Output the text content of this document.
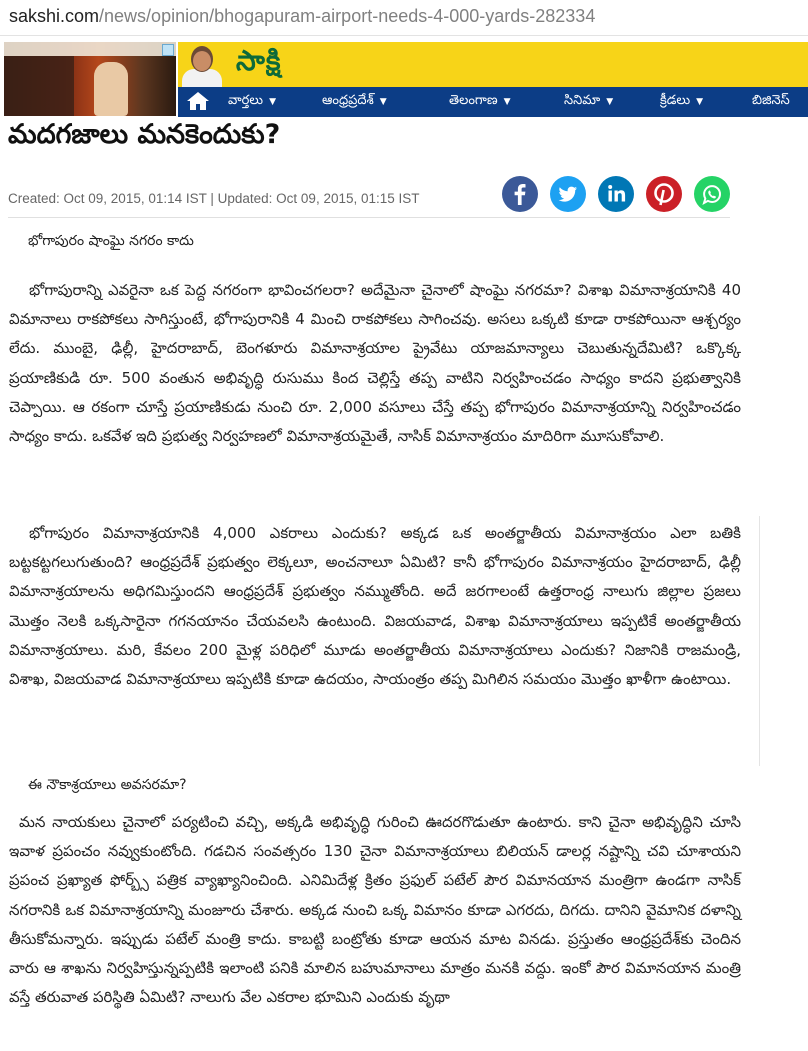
sakshi.com/news/opinion/bhogapuram-airport-needs-4-000-yards-282334
సాక్షి
వార్తలు ▼	ఆంధ్రప్రదేశ్ ▼	తెలంగాణ ▼	సినిమా ▼	క్రీడలు ▼	బిజినెస్
మదగజాలు మనకెందుకు?
Created: Oct 09, 2015, 01:14 IST | Updated: Oct 09, 2015, 01:15 IST
భోగాపురం షాంఘై నగరం కాదు

భోగాపురాన్ని ఎవరైనా ఒక పెద్ద నగరంగా భావించగలరా? అదేమైనా చైనాలో షాంఘై నగరమా? విశాఖ విమానాశ్రయానికి 40 విమానాలు రాకపోకలు సాగిస్తుంటే, భోగాపురానికి 4 మించి రాకపోకలు సాగించవు. అసలు ఒక్కటి కూడా రాకపోయినా ఆశ్చర్యం లేదు. ముంబై, ఢిల్లీ, హైదరాబాద్, బెంగళూరు విమానాశ్రయాల ప్రైవేటు యాజమాన్యాలు చెబుతున్నదేమిటి? ఒక్కొక్క ప్రయాణికుడి రూ. 500 వంతున అభివృద్ధి రుసుము కింద చెల్లిస్తే తప్ప వాటిని నిర్వహించడం సాధ్యం కాదని ప్రభుత్వానికి చెప్పాయి. ఆ రకంగా చూస్తే ప్రయాణికుడు నుంచి రూ. 2,000 వసూలు చేస్తే తప్ప భోగాపురం విమానాశ్రయాన్ని నిర్వహించడం సాధ్యం కాదు. ఒకవేళ ఇది ప్రభుత్వ నిర్వహణలో విమానాశ్రయమైతే, నాసిక్ విమానాశ్రయం మాదిరిగా మూసుకోవాలి.

భోగాపురం విమానాశ్రయానికి 4,000 ఎకరాలు ఎందుకు? అక్కడ ఒక అంతర్జాతీయ విమానాశ్రయం ఎలా బతికి బట్టకట్టగలుగుతుంది? ఆంధ్రప్రదేశ్ ప్రభుత్వం లెక్కలూ, అంచనాలూ ఏమిటి? కానీ భోగాపురం విమానాశ్రయం హైదరాబాద్, ఢిల్లీ విమానాశ్రయాలను అధిగమిస్తుందని ఆంధ్రప్రదేశ్ ప్రభుత్వం నమ్ముతోంది. అదే జరగాలంటే ఉత్తరాంధ్ర నాలుగు జిల్లాల ప్రజలు మొత్తం నెలకి ఒక్కసారైనా గగనయానం చేయవలసి ఉంటుంది. విజయవాడ, విశాఖ విమానాశ్రయాలు ఇప్పటికే అంతర్జాతీయ విమానాశ్రయాలు. మరి, కేవలం 200 మైళ్ల పరిధిలో మూడు అంతర్జాతీయ విమానాశ్రయాలు ఎందుకు? నిజానికి రాజమండ్రి, విశాఖ, విజయవాడ విమానాశ్రయాలు ఇప్పటికి కూడా ఉదయం, సాయంత్రం తప్ప మిగిలిన సమయం మొత్తం ఖాళీగా ఉంటాయి.

ఈ నౌకాశ్రయాలు అవసరమా?

మన నాయకులు చైనాలో పర్యటించి వచ్చి, అక్కడి అభివృద్ధి గురించి ఊదరగొడుతూ ఉంటారు. కాని చైనా అభివృద్ధిని చూసి ఇవాళ ప్రపంచం నవ్వుకుంటోంది. గడచిన సంవత్సరం 130 చైనా విమానాశ్రయాలు బిలియన్ డాలర్ల నష్టాన్ని చవి చూశాయని ప్రపంచ ప్రఖ్యాత ఫోర్బ్స్ పత్రిక వ్యాఖ్యానించింది. ఎనిమిదేళ్ల క్రితం ప్రఫుల్ పటేల్ పౌర విమానయాన మంత్రిగా ఉండగా నాసిక్ నగరానికి ఒక విమానాశ్రయాన్ని మంజూరు చేశారు. అక్కడ నుంచి ఒక్క విమానం కూడా ఎగరదు, దిగదు. దానిని వైమానిక దళాన్ని తీసుకోమన్నారు. ఇప్పుడు పటేల్ మంత్రి కాదు. కాబట్టి బంట్రోతు కూడా ఆయన మాట వినడు. ప్రస్తుతం ఆంధ్రప్రదేశ్‌కు చెందిన వారు ఆ శాఖను నిర్వహిస్తున్నప్పటికి ఇలాంటి పనికి మాలిన బహుమానాలు మాత్రం మనకి వద్దు. ఇంకో పౌర విమానయాన మంత్రి వస్తే తరువాత పరిస్థితి ఏమిటి? నాలుగు వేల ఎకరాల భూమిని ఎందుకు వృథా
